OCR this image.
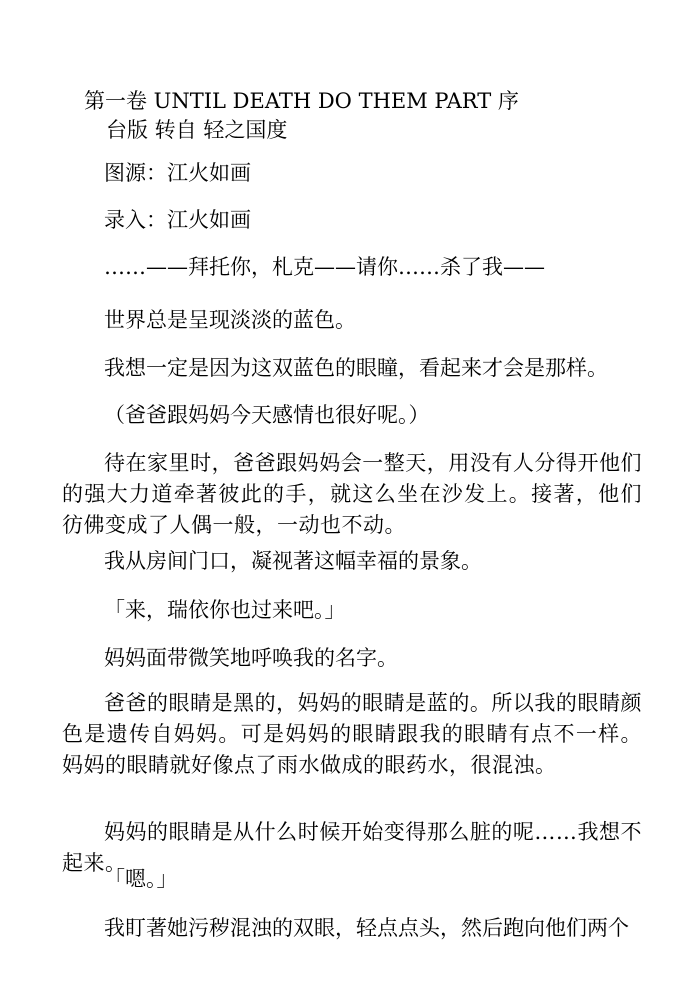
第一卷 UNTIL DEATH DO THEM PART 序
台版 转自 轻之国度
图源：江火如画
录入：江火如画
……——拜托你，札克——请你……杀了我——
世界总是呈现淡淡的蓝色。
我想一定是因为这双蓝色的眼瞳，看起来才会是那样。
（爸爸跟妈妈今天感情也很好呢。）
待在家里时，爸爸跟妈妈会一整天，用没有人分得开他们的强大力道牵著彼此的手，就这么坐在沙发上。接著，他们彷佛变成了人偶一般，一动也不动。
我从房间门口，凝视著这幅幸福的景象。
「来，瑞依你也过来吧。」
妈妈面带微笑地呼唤我的名字。
爸爸的眼睛是黑的，妈妈的眼睛是蓝的。所以我的眼睛颜色是遗传自妈妈。可是妈妈的眼睛跟我的眼睛有点不一样。妈妈的眼睛就好像点了雨水做成的眼药水，很混浊。
妈妈的眼睛是从什么时候开始变得那么脏的呢……我想不起来。
「嗯。」
我盯著她污秽混浊的双眼，轻点点头，然后跑向他们两个
